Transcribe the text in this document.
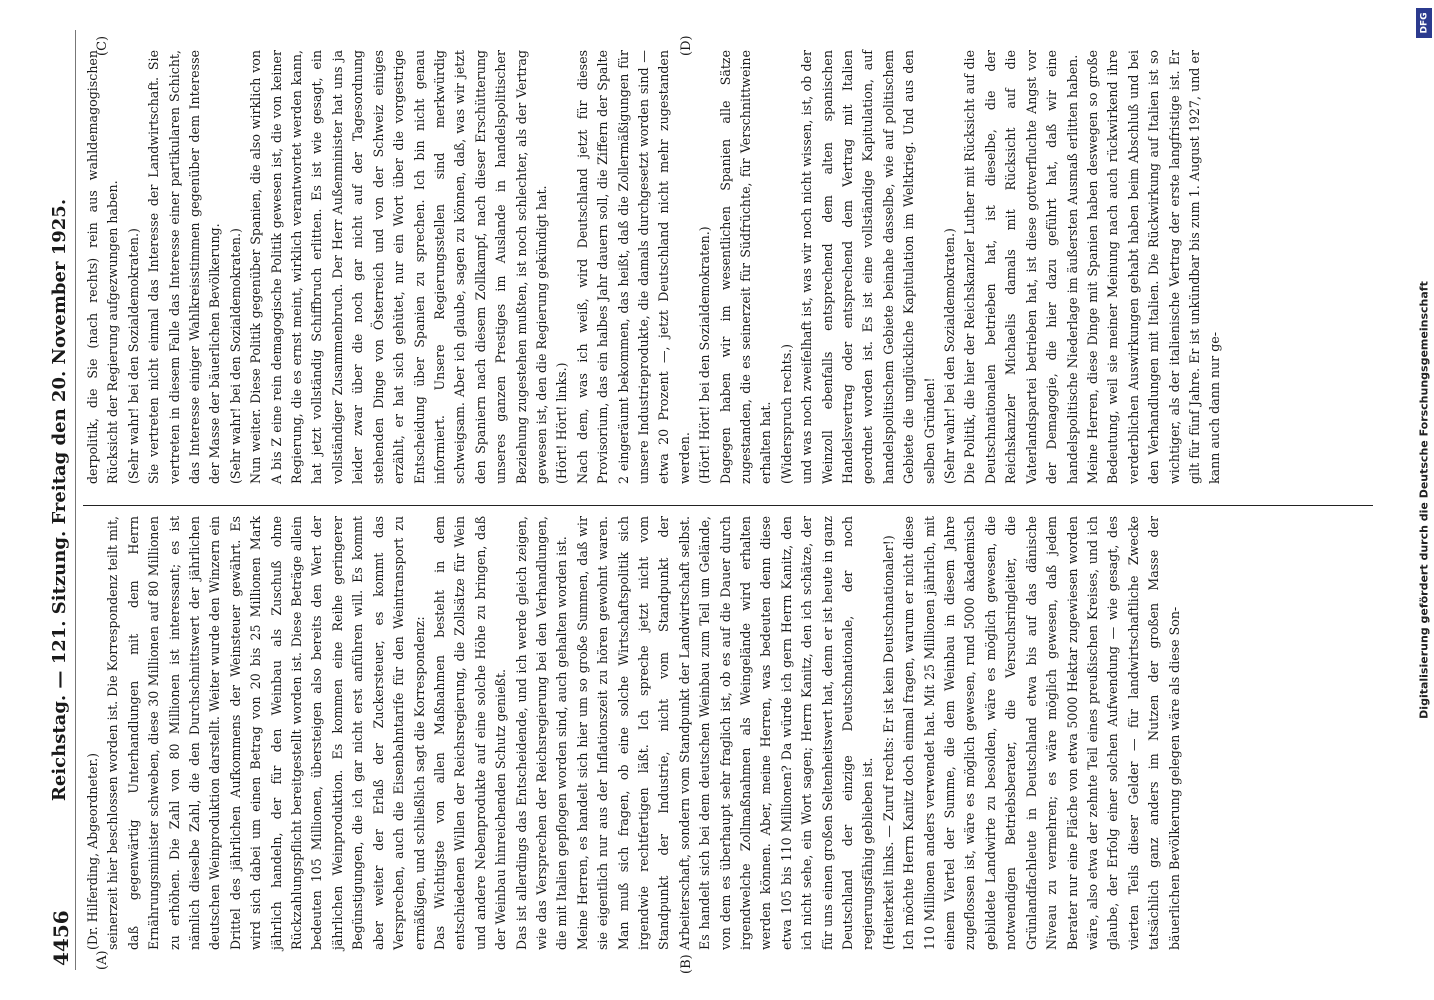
4456
Reichstag. — 121. Sitzung. Freitag den 20. November 1925.
(A)	(B)
(C)	(D)
(Dr. Hilferding, Abgeordneter.)
seinerzeit hier beschlossen worden ist. Die Korrespondenz teilt mit, daß gegenwärtig Unterhandlungen mit dem Herrn Ernährungsminister schweben, diese 30 Millionen auf 80 Millionen zu erhöhen. Die Zahl von 80 Millionen ist interessant; es ist nämlich dieselbe Zahl, die den Durchschnittswert der jährlichen deutschen Weinproduktion darstellt. Weiter wurde den Winzern ein Drittel des jährlichen Aufkommens der Weinsteuer gewährt. Es wird sich dabei um einen Betrag von 20 bis 25 Millionen Mark jährlich handeln, der für den Weinbau als Zuschuß ohne Rückzahlungspflicht bereitgestellt worden ist. Diese Beträge allein bedeuten 105 Millionen, übersteigen also bereits den Wert der jährlichen Weinproduktion. Es kommen eine Reihe geringerer Begünstigungen, die ich gar nicht erst anführen will. Es kommt aber weiter der Erlaß der Zuckersteuer, es kommt das Versprechen, auch die Eisenbahntarife für den Weintransport zu ermäßigen, und schließlich sagt die Korrespondenz:
Das Wichtigste von allen Maßnahmen besteht in dem entschiedenen Willen der Reichsregierung, die Zollsätze für Wein und andere Nebenprodukte auf eine solche Höhe zu bringen, daß der Weinbau hinreichenden Schutz genießt.
Das ist allerdings das Entscheidende, und ich werde gleich zeigen, wie das Versprechen der Reichsregierung bei den Verhandlungen, die mit Italien gepflogen worden sind, auch gehalten worden ist.
Meine Herren, es handelt sich hier um so große Summen, daß wir sie eigentlich nur aus der Inflationszeit zu hören gewohnt waren. Man muß sich fragen, ob eine solche Wirtschaftspolitik sich irgendwie rechtfertigen läßt. Ich spreche jetzt nicht vom Standpunkt der Industrie, nicht vom Standpunkt der Arbeiterschaft, sondern vom Standpunkt der Landwirtschaft selbst. Es handelt sich bei dem deutschen Weinbau zum Teil um Gelände, von dem es überhaupt sehr fraglich ist, ob es auf die Dauer durch irgendwelche Zollmaßnahmen als Weingelände wird erhalten werden können. Aber, meine Herren, was bedeuten denn diese etwa 105 bis 110 Millionen? Da würde ich gern Herrn Kanitz, den ich nicht sehe, ein Wort sagen; Herrn Kanitz, den ich schätze, der für uns einen großen Seltenheitswert hat, denn er ist heute in ganz Deutschland der einzige Deutschnationale, der noch regierungsfähig geblieben ist.
(Heiterkeit links. — Zuruf rechts: Er ist kein Deutschnationaler!)
Ich möchte Herrn Kanitz doch einmal fragen, warum er nicht diese 110 Millionen anders verwendet hat. Mit 25 Millionen jährlich, mit einem Viertel der Summe, die dem Weinbau in diesem Jahre zugeflossen ist, wäre es möglich gewesen, rund 5000 akademisch gebildete Landwirte zu besolden, wäre es möglich gewesen, die notwendigen Betriebsberater, die Versuchsringleiter, die Grünlandfachleute in Deutschland etwa bis auf das dänische Niveau zu vermehren; es wäre möglich gewesen, daß jedem Berater nur eine Fläche von etwa 5000 Hektar zugewiesen worden wäre, also etwa der zehnte Teil eines preußischen Kreises, und ich glaube, der Erfolg einer solchen Aufwendung — wie gesagt, des vierten Teils dieser Gelder — für landwirtschaftliche Zwecke tatsächlich ganz anders im Nutzen der großen Masse der bäuerlichen Bevölkerung gelegen wäre als diese Son-
derpolitik, die Sie (nach rechts) rein aus wahldemagogischen Rücksicht der Regierung aufgezwungen haben.
(Sehr wahr! bei den Sozialdemokraten.)
Sie vertreten nicht einmal das Interesse der Landwirtschaft. Sie vertreten in diesem Falle das Interesse einer partikularen Schicht, das Interesse einiger Wahlkreisstimmen gegenüber dem Interesse der Masse der bäuerlichen Bevölkerung.
(Sehr wahr! bei den Sozialdemokraten.)
Nun weiter. Diese Politik gegenüber Spanien, die also wirklich von A bis Z eine rein demagogische Politik gewesen ist, die von keiner Regierung, die es ernst meint, wirklich verantwortet werden kann, hat jetzt vollständig Schiffbruch erlitten. Es ist wie gesagt, ein vollständiger Zusammenbruch. Der Herr Außenminister hat uns ja leider zwar über die noch gar nicht auf der Tagesordnung stehenden Dinge von Österreich und von der Schweiz einiges erzählt, er hat sich gehütet, nur ein Wort über die vorgestrige Entscheidung über Spanien zu sprechen. Ich bin nicht genau informiert. Unsere Regierungsstellen sind merkwürdig schweigsam. Aber ich glaube, sagen zu können, daß, was wir jetzt den Spaniern nach diesem Zollkampf, nach dieser Erschütterung unseres ganzen Prestiges im Auslande in handelspolitischer Beziehung zugestehen mußten, ist noch schlechter, als der Vertrag gewesen ist, den die Regierung gekündigt hat.
(Hört! Hört! links.)
Nach dem, was ich weiß, wird Deutschland jetzt für dieses Provisorium, das ein halbes Jahr dauern soll, die Ziffern der Spalte 2 eingeräumt bekommen, das heißt, daß die Zollermäßigungen für unsere Industrieprodukte, die damals durchgesetzt worden sind — etwa 20 Prozent —, jetzt Deutschland nicht mehr zugestanden werden.
(Hört! Hört! bei den Sozialdemokraten.)
Dagegen haben wir im wesentlichen Spanien alle Sätze zugestanden, die es seinerzeit für Südfrüchte, für Verschnittweine erhalten hat.
(Widerspruch rechts.)
und was noch zweifelhaft ist, was wir noch nicht wissen, ist, ob der Weinzoll ebenfalls entsprechend dem alten spanischen Handelsvertrag oder entsprechend dem Vertrag mit Italien geordnet worden ist. Es ist eine vollständige Kapitulation, auf handelspolitischem Gebiete beinahe dasselbe, wie auf politischem Gebiete die unglückliche Kapitulation im Weltkrieg. Und aus den selben Gründen!
(Sehr wahr! bei den Sozialdemokraten.)
Die Politik, die hier der Reichskanzler Luther mit Rücksicht auf die Deutschnationalen betrieben hat, ist dieselbe, die der Reichskanzler Michaelis damals mit Rücksicht auf die Vaterlandspartei betrieben hat, ist diese gottverfluchte Angst vor der Demagogie, die hier dazu geführt hat, daß wir eine handelspolitische Niederlage im äußersten Ausmaß erlitten haben.
Meine Herren, diese Dinge mit Spanien haben deswegen so große Bedeutung, weil sie meiner Meinung nach auch rückwirkend ihre verderblichen Auswirkungen gehabt haben beim Abschluß und bei den Verhandlungen mit Italien. Die Rückwirkung auf Italien ist so wichtiger, als der italienische Vertrag der erste langfristige ist. Er gilt für fünf Jahre. Er ist unkündbar bis zum 1. August 1927, und er kann auch dann nur ge-
DFG
Digitalisierung gefördert durch die Deutsche Forschungsgemeinschaft
